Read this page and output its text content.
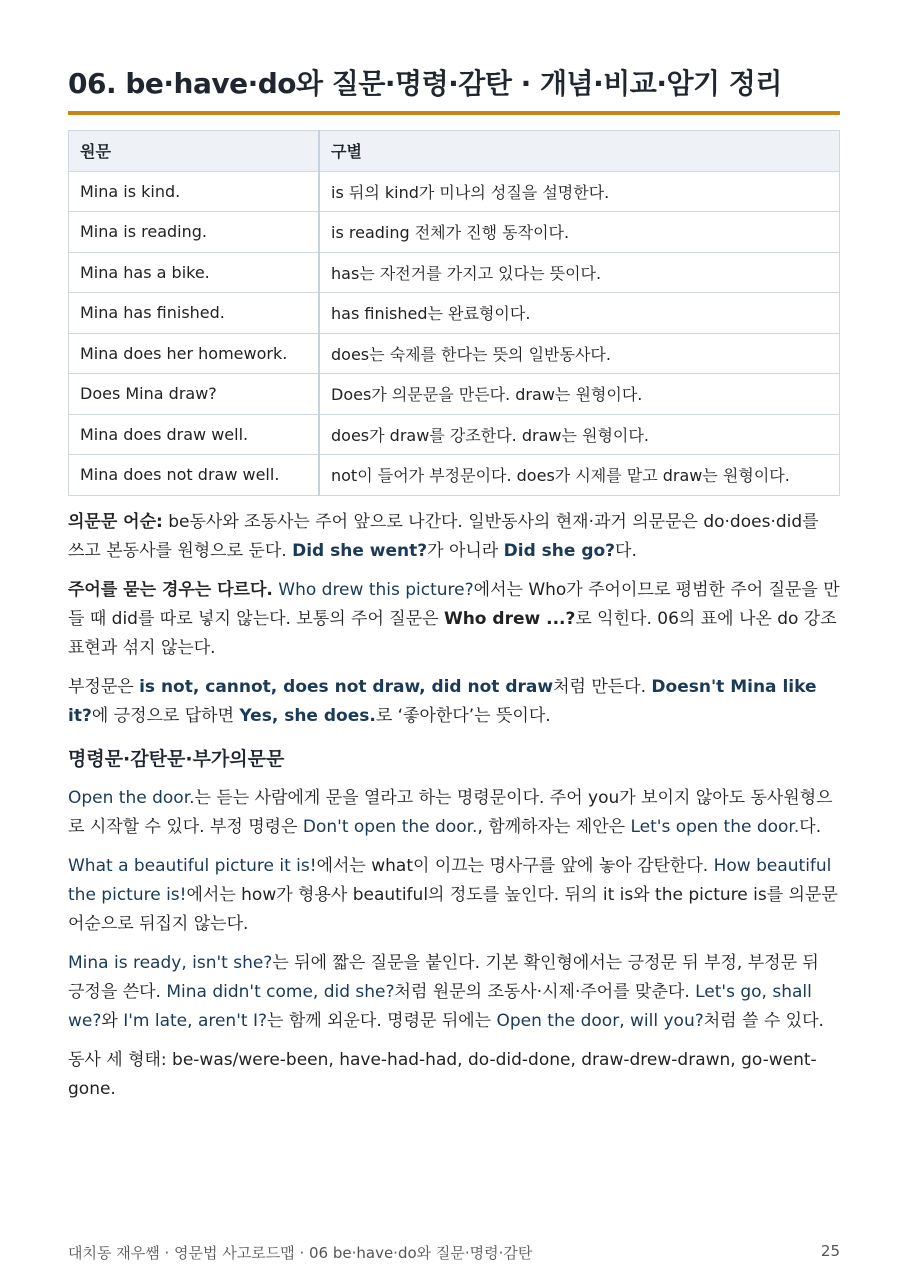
06. be·have·do와 질문·명령·감탄 · 개념·비교·암기 정리
원문	구별
Mina is kind.	is 뒤의 kind가 미나의 성질을 설명한다.
Mina is reading.	is reading 전체가 진행 동작이다.
Mina has a bike.	has는 자전거를 가지고 있다는 뜻이다.
Mina has finished.	has finished는 완료형이다.
Mina does her homework.	does는 숙제를 한다는 뜻의 일반동사다.
Does Mina draw?	Does가 의문문을 만든다. draw는 원형이다.
Mina does draw well.	does가 draw를 강조한다. draw는 원형이다.
Mina does not draw well.	not이 들어가 부정문이다. does가 시제를 맡고 draw는 원형이다.

의문문 어순: be동사와 조동사는 주어 앞으로 나간다. 일반동사의 현재·과거 의문문은 do·does·did를 쓰고 본동사를 원형으로 둔다. Did she went?가 아니라 Did she go?다.

주어를 묻는 경우는 다르다. Who drew this picture?에서는 Who가 주어이므로 평범한 주어 질문을 만들 때 did를 따로 넣지 않는다. 보통의 주어 질문은 Who drew ...?로 익힌다. 06의 표에 나온 do 강조 표현과 섞지 않는다.

부정문은 is not, cannot, does not draw, did not draw처럼 만든다. Doesn't Mina like it?에 긍정으로 답하면 Yes, she does.로 ‘좋아한다’는 뜻이다.

명령문·감탄문·부가의문문

Open the door.는 듣는 사람에게 문을 열라고 하는 명령문이다. 주어 you가 보이지 않아도 동사원형으로 시작할 수 있다. 부정 명령은 Don't open the door., 함께하자는 제안은 Let's open the door.다.

What a beautiful picture it is!에서는 what이 이끄는 명사구를 앞에 놓아 감탄한다. How beautiful the picture is!에서는 how가 형용사 beautiful의 정도를 높인다. 뒤의 it is와 the picture is를 의문문 어순으로 뒤집지 않는다.

Mina is ready, isn't she?는 뒤에 짧은 질문을 붙인다. 기본 확인형에서는 긍정문 뒤 부정, 부정문 뒤 긍정을 쓴다. Mina didn't come, did she?처럼 원문의 조동사·시제·주어를 맞춘다. Let's go, shall we?와 I'm late, aren't I?는 함께 외운다. 명령문 뒤에는 Open the door, will you?처럼 쓸 수 있다.

동사 세 형태: be-was/were-been, have-had-had, do-did-done, draw-drew-drawn, go-went-gone.

대치동 재우쌤 · 영문법 사고로드맵 · 06 be·have·do와 질문·명령·감탄	25
